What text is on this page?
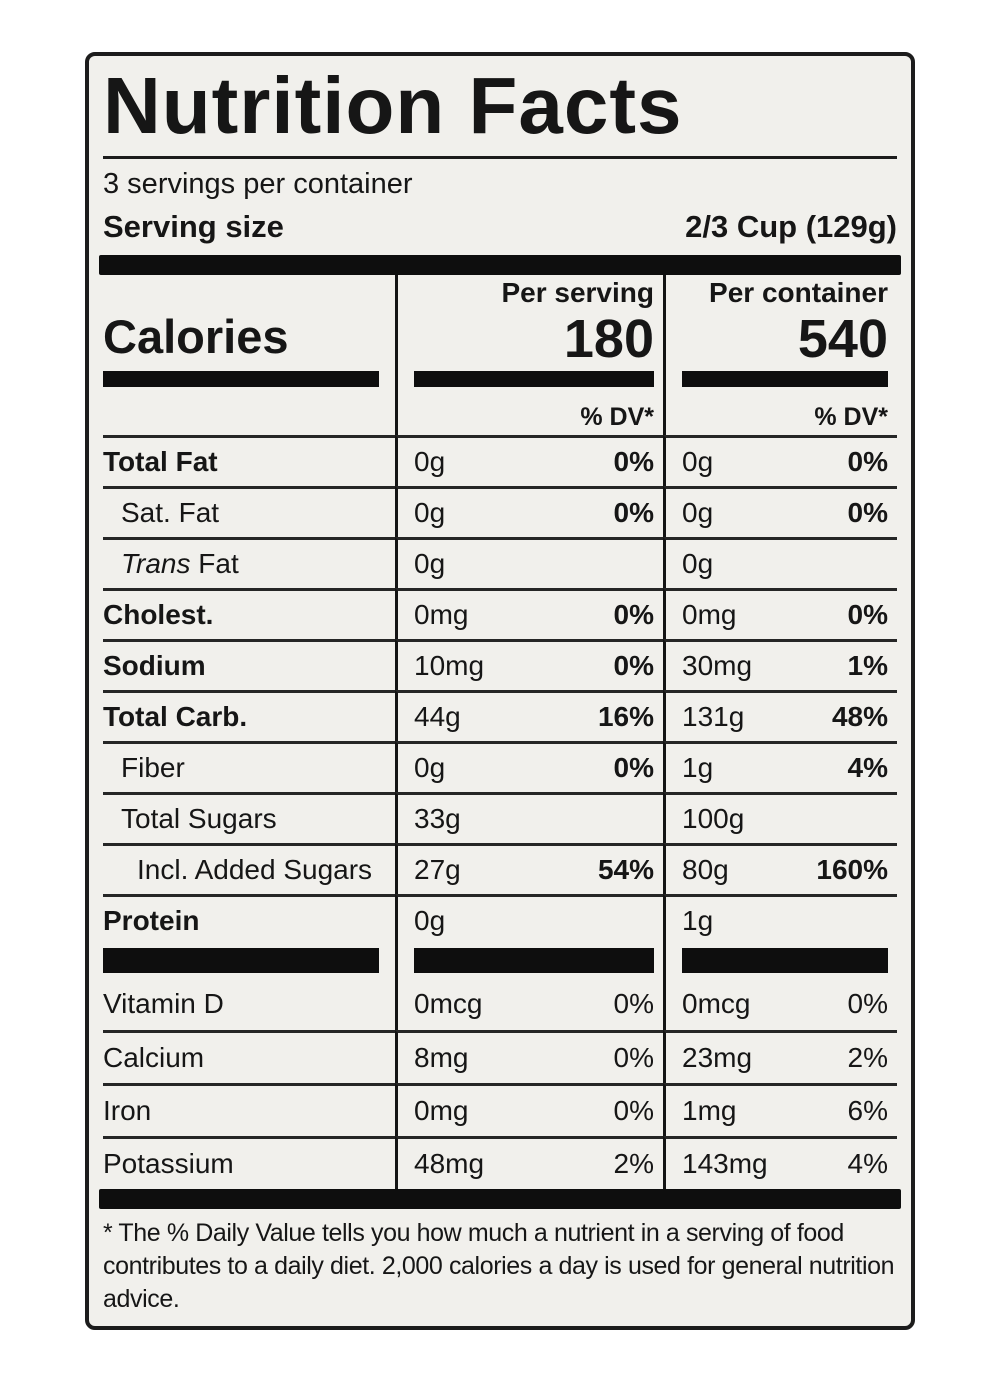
Nutrition Facts
3 servings per container
Serving size	2/3 Cup (129g)
Per serving	Per container
Calories	180	540
% DV*	% DV*
Total Fat	0g	0% 0g	0%
Sat. Fat	0g	0% 0g	0%
Trans Fat	0g	0g
Cholest.	0mg	0% 0mg	0%
Sodium	10mg	0% 30mg	1%
Total Carb.	44g	16% 131g	48%
Fiber	0g	0% 1g	4%
Total Sugars	33g	100g
Incl. Added Sugars 27g	54% 80g	160%
Protein	0g	1g
Vitamin D	0mcg	0% 0mcg	0%
Calcium	8mg	0% 23mg	2%
Iron	0mg	0% 1mg	6%
Potassium	48mg	2% 143mg	4%
* The % Daily Value tells you how much a nutrient in a serving of food contributes to a daily diet. 2,000 calories a day is used for general nutrition advice.
